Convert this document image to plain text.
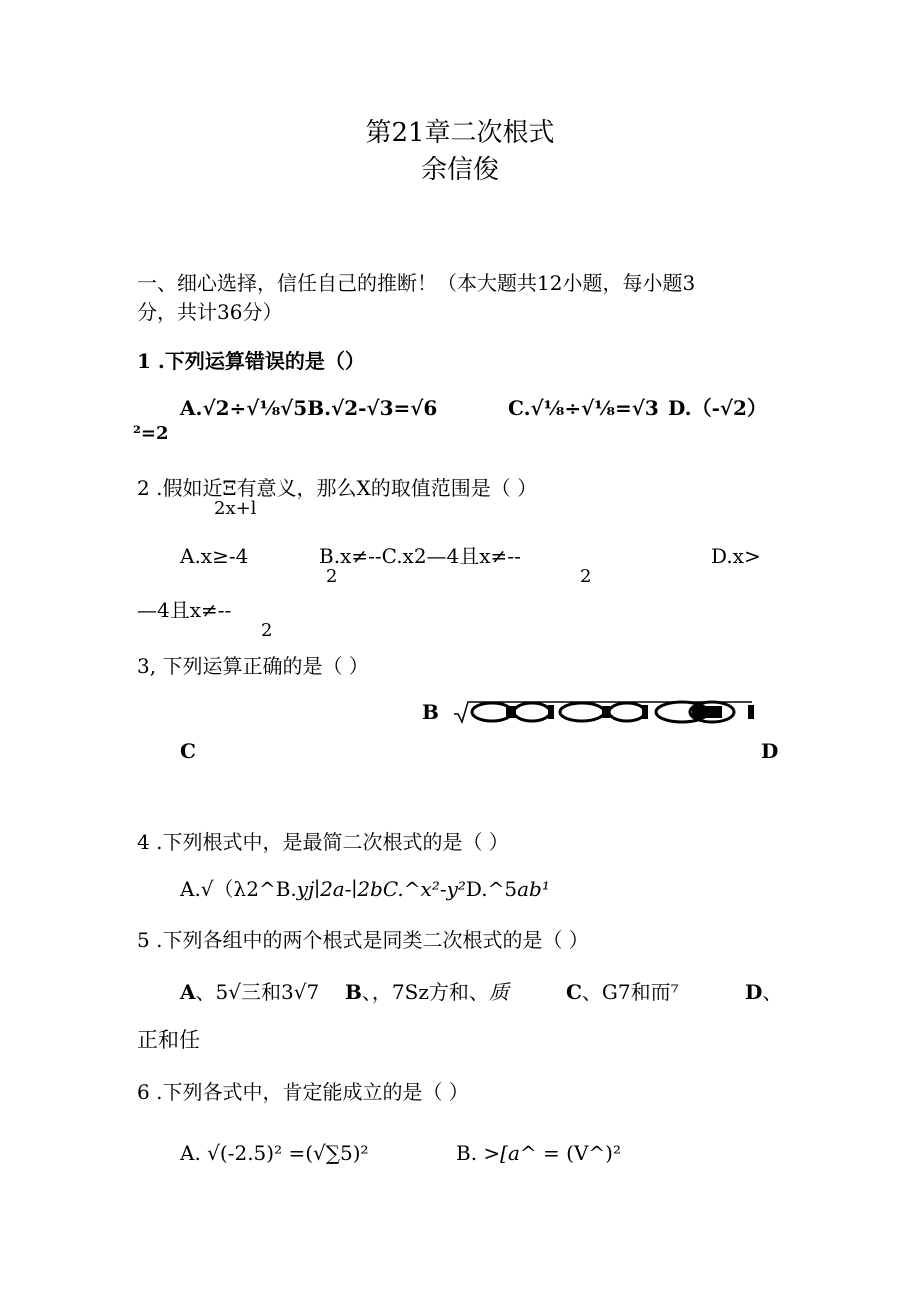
第21章二次根式
余信俊
一、细心选择，信任自己的推断！（本大题共12小题，每小题3
分，共计36分）
1 .下列运算错误的是（）
A.√2÷√⅛√5B.√2-√3=√6	C.√⅛÷√⅛=√3 D.（-√2）
²=2
2 .假如近Ξ有意义，那么X的取值范围是（ ）
2x+l
A.x≥-4	B.x≠--C.x2—4且x≠--	D.x>
2	2
—4且x≠--
2
3, 下列运算正确的是（ ）
B
C	D
4 .下列根式中，是最简二次根式的是（ ）
A.√（λ2^B.yj∣2a-∣2bC.^x²-y²D.^5ab¹
5 .下列各组中的两个根式是同类二次根式的是（ ）
A、5√三和3√7 B、，7Sz方和、质	C、G7和而⁷	D、
正和任
6 .下列各式中，肯定能成立的是（ ）
A. √(-2.5)² =(√∑5)²	B. >[a^ = (V^)²
